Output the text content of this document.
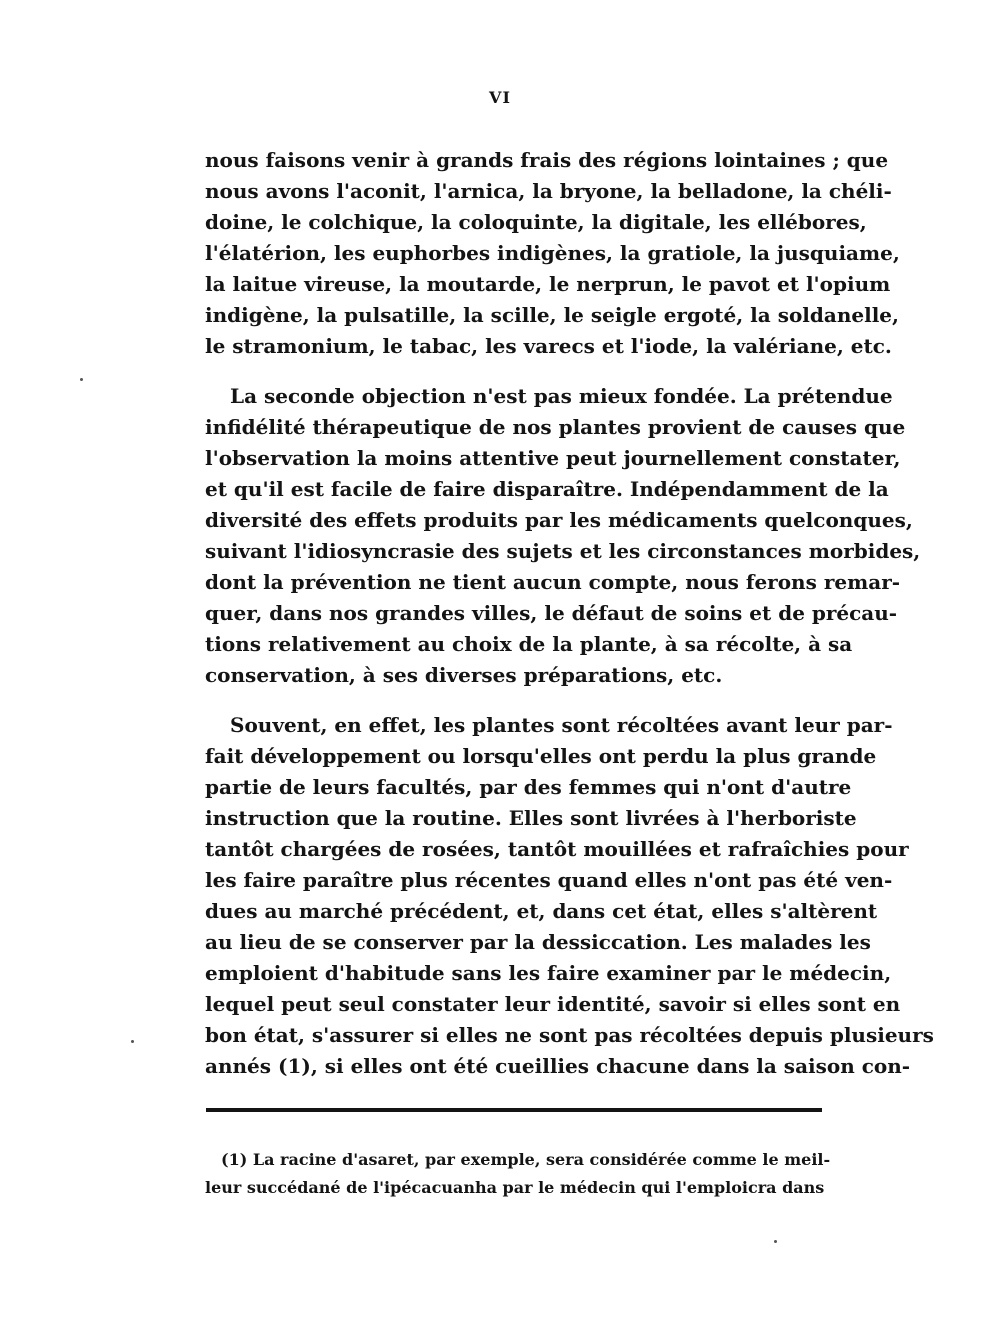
VI
nous faisons venir à grands frais des régions lointaines ; que
nous avons l'aconit, l'arnica, la bryone, la belladone, la chéli-
doine, le colchique, la coloquinte, la digitale, les ellébores,
l'élatérion, les euphorbes indigènes, la gratiole, la jusquiame,
la laitue vireuse, la moutarde, le nerprun, le pavot et l'opium
indigène, la pulsatille, la scille, le seigle ergoté, la soldanelle,
le stramonium, le tabac, les varecs et l'iode, la valériane, etc.
La seconde objection n'est pas mieux fondée. La prétendue
infidélité thérapeutique de nos plantes provient de causes que
l'observation la moins attentive peut journellement constater,
et qu'il est facile de faire disparaître. Indépendamment de la
diversité des effets produits par les médicaments quelconques,
suivant l'idiosyncrasie des sujets et les circonstances morbides,
dont la prévention ne tient aucun compte, nous ferons remar-
quer, dans nos grandes villes, le défaut de soins et de précau-
tions relativement au choix de la plante, à sa récolte, à sa
conservation, à ses diverses préparations, etc.
Souvent, en effet, les plantes sont récoltées avant leur par-
fait développement ou lorsqu'elles ont perdu la plus grande
partie de leurs facultés, par des femmes qui n'ont d'autre
instruction que la routine. Elles sont livrées à l'herboriste
tantôt chargées de rosées, tantôt mouillées et rafraîchies pour
les faire paraître plus récentes quand elles n'ont pas été ven-
dues au marché précédent, et, dans cet état, elles s'altèrent
au lieu de se conserver par la dessiccation. Les malades les
emploient d'habitude sans les faire examiner par le médecin,
lequel peut seul constater leur identité, savoir si elles sont en
bon état, s'assurer si elles ne sont pas récoltées depuis plusieurs
annés (1), si elles ont été cueillies chacune dans la saison con-
(1) La racine d'asaret, par exemple, sera considérée comme le meil-
leur succédané de l'ipécacuanha par le médecin qui l'emploicra dans
